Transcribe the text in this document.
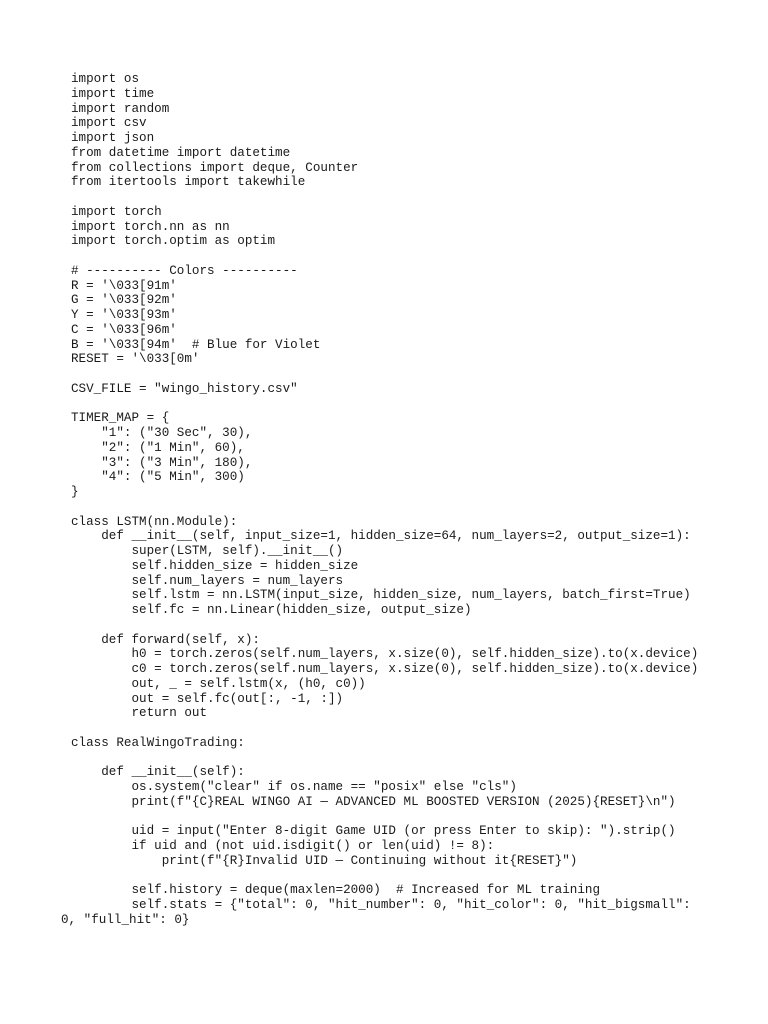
import os
import time
import random
import csv
import json
from datetime import datetime
from collections import deque, Counter
from itertools import takewhile
import torch
import torch.nn as nn
import torch.optim as optim
# ---------- Colors ----------
R = '\033[91m'
G = '\033[92m'
Y = '\033[93m'
C = '\033[96m'
B = '\033[94m'  # Blue for Violet
RESET = '\033[0m'
CSV_FILE = "wingo_history.csv"
TIMER_MAP = {
"1": ("30 Sec", 30),
"2": ("1 Min", 60),
"3": ("3 Min", 180),
"4": ("5 Min", 300)
}
class LSTM(nn.Module):
def __init__(self, input_size=1, hidden_size=64, num_layers=2, output_size=1):
super(LSTM, self).__init__()
self.hidden_size = hidden_size
self.num_layers = num_layers
self.lstm = nn.LSTM(input_size, hidden_size, num_layers, batch_first=True)
self.fc = nn.Linear(hidden_size, output_size)
def forward(self, x):
h0 = torch.zeros(self.num_layers, x.size(0), self.hidden_size).to(x.device)
c0 = torch.zeros(self.num_layers, x.size(0), self.hidden_size).to(x.device)
out, _ = self.lstm(x, (h0, c0))
out = self.fc(out[:, -1, :])
return out
class RealWingoTrading:
def __init__(self):
os.system("clear" if os.name == "posix" else "cls")
print(f"{C}REAL WINGO AI — ADVANCED ML BOOSTED VERSION (2025){RESET}\n")
uid = input("Enter 8-digit Game UID (or press Enter to skip): ").strip()
if uid and (not uid.isdigit() or len(uid) != 8):
print(f"{R}Invalid UID — Continuing without it{RESET}")
self.history = deque(maxlen=2000)  # Increased for ML training
self.stats = {"total": 0, "hit_number": 0, "hit_color": 0, "hit_bigsmall":
0, "full_hit": 0}
